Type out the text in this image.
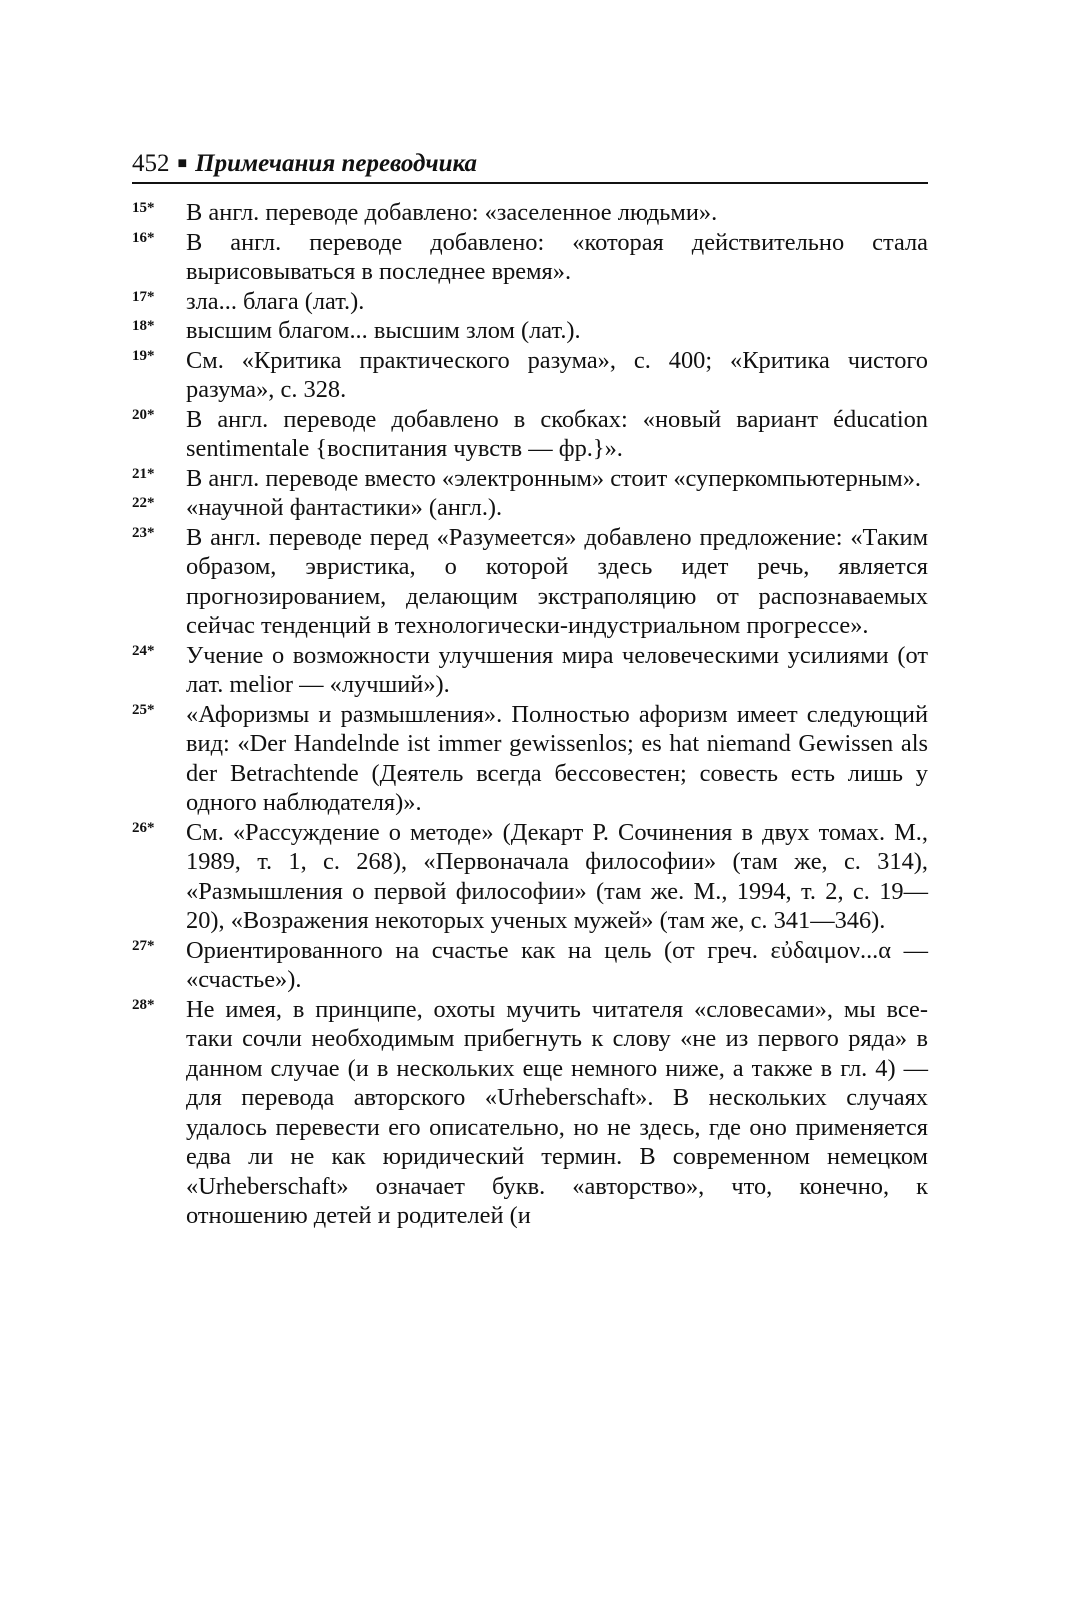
452 ■ Примечания переводчика
15*	В англ. переводе добавлено: «заселенное людьми».
16*	В англ. переводе добавлено: «которая действительно стала вырисовываться в последнее время».
17*	зла... блага (лат.).
18*	высшим благом... высшим злом (лат.).
19*	См. «Критика практического разума», с. 400; «Критика чистого разума», с. 328.
20*	В англ. переводе добавлено в скобках: «новый вариант éducation sentimentale {воспитания чувств — фр.}».
21*	В англ. переводе вместо «электронным» стоит «суперкомпьютерным».
22*	«научной фантастики» (англ.).
23*	В англ. переводе перед «Разумеется» добавлено предложение: «Таким образом, эвристика, о которой здесь идет речь, является прогнозированием, делающим экстраполяцию от распознаваемых сейчас тенденций в технологически-индустриальном прогрессе».
24*	Учение о возможности улучшения мира человеческими усилиями (от лат. melior — «лучший»).
25*	«Афоризмы и размышления». Полностью афоризм имеет следующий вид: «Der Handelnde ist immer gewissenlos; es hat niemand Gewissen als der Betrachtende (Деятель всегда бессовестен; совесть есть лишь у одного наблюдателя)».
26*	См. «Рассуждение о методе» (Декарт Р. Сочинения в двух томах. М., 1989, т. 1, с. 268), «Первоначала философии» (там же, с. 314), «Размышления о первой философии» (там же. М., 1994, т. 2, с. 19—20), «Возражения некоторых ученых мужей» (там же, с. 341—346).
27*	Ориентированного на счастье как на цель (от греч. εὐδαιμον...α — «счастье»).
28*	Не имея, в принципе, охоты мучить читателя «словесами», мы все-таки сочли необходимым прибегнуть к слову «не из первого ряда» в данном случае (и в нескольких еще немного ниже, а также в гл. 4) — для перевода авторского «Urheberschaft». В нескольких случаях удалось перевести его описательно, но не здесь, где оно применяется едва ли не как юридический термин. В современном немецком «Urheberschaft» означает букв. «авторство», что, конечно, к отношению детей и родителей (и
